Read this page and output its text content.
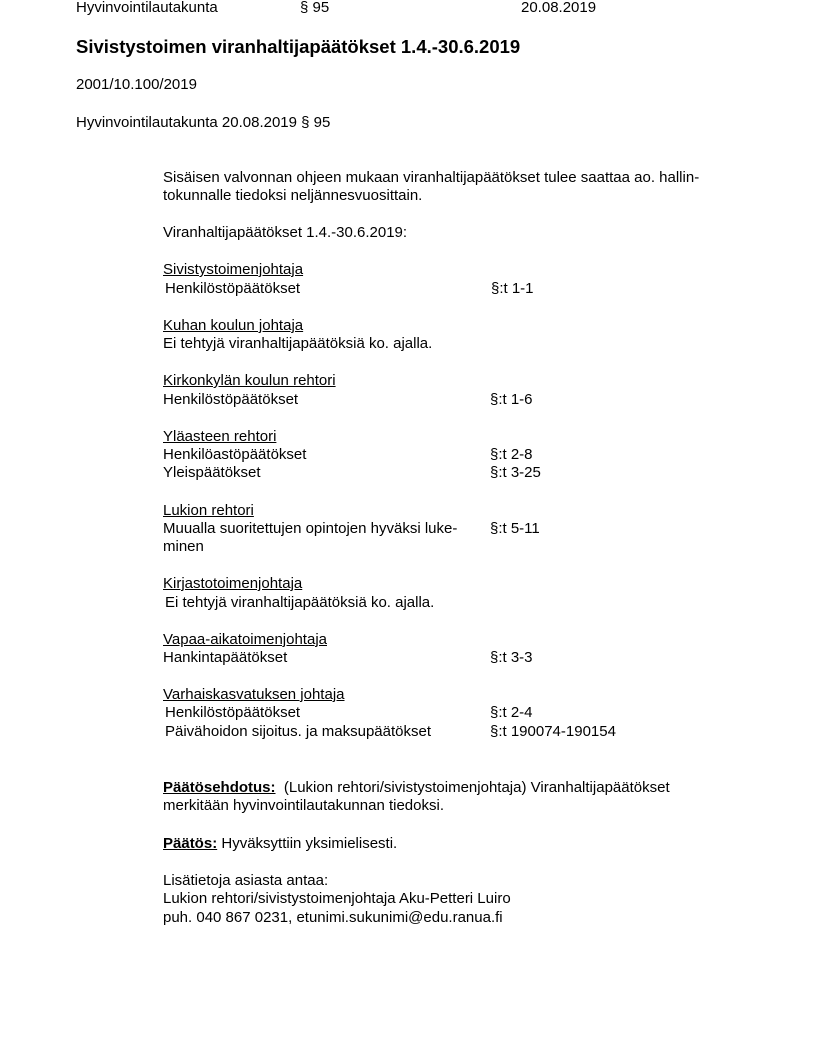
Hyvinvointilautakunta	§ 95	20.08.2019
Sivistystoimen viranhaltijapäätökset 1.4.-30.6.2019
2001/10.100/2019
Hyvinvointilautakunta 20.08.2019 § 95
Sisäisen valvonnan ohjeen mukaan viranhaltijapäätökset tulee saattaa ao. hallin-
tokunnalle tiedoksi neljännesvuosittain.
Viranhaltijapäätökset 1.4.-30.6.2019:
Sivistystoimenjohtaja
Henkilöstöpäätökset	§:t 1-1
Kuhan koulun johtaja
Ei tehtyjä viranhaltijapäätöksiä ko. ajalla.
Kirkonkylän koulun rehtori
Henkilöstöpäätökset	§:t 1-6
Yläasteen rehtori
Henkilöastöpäätökset	§:t 2-8
Yleispäätökset	§:t 3-25
Lukion rehtori
Muualla suoritettujen opintojen hyväksi luke-
minen
§:t 5-11
Kirjastotoimenjohtaja
Ei tehtyjä viranhaltijapäätöksiä ko. ajalla.
Vapaa-aikatoimenjohtaja
Hankintapäätökset	§:t 3-3
Varhaiskasvatuksen johtaja
Henkilöstöpäätökset	§:t 2-4
Päivähoidon sijoitus. ja maksupäätökset	§:t 190074-190154
Päätösehdotus: (Lukion rehtori/sivistystoimenjohtaja) Viranhaltijapäätökset
merkitään hyvinvointilautakunnan tiedoksi.
Päätös: Hyväksyttiin yksimielisesti.
Lisätietoja asiasta antaa:
Lukion rehtori/sivistystoimenjohtaja Aku-Petteri Luiro
puh. 040 867 0231, etunimi.sukunimi@edu.ranua.fi
